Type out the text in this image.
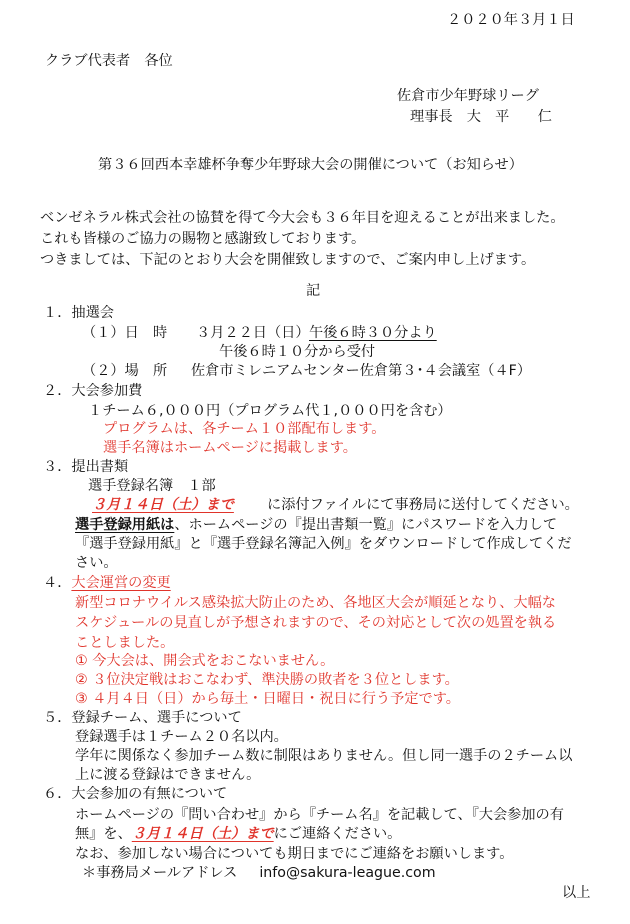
２０２０年３月１日
クラブ代表者　各位
佐倉市少年野球リーグ
理事長　大　平　　仁
第３６回西本幸雄杯争奪少年野球大会の開催について（お知らせ）
ベンゼネラル株式会社の協賛を得て今大会も３６年目を迎えることが出来ました。
これも皆様のご協力の賜物と感謝致しております。
つきましては、下記のとおり大会を開催致しますので、ご案内申し上げます。
記
１．抽選会
（１）日　時 ３月２２日（日） 午後６時３０分より
午後６時１０分から受付
（２）場　所 佐倉市ミレニアムセンター佐倉第３･４会議室（４F）
２．大会参加費
１チーム６,０００円（プログラム代１,０００円を含む）
プログラムは、各チーム１０部配布します。
選手名簿はホームページに掲載します。
３．提出書類
選手登録名簿　１部
３月１４日（土）まで に添付ファイルにて事務局に送付してください。
選手登録用紙は、ホームページの『提出書類一覧』にパスワードを入力して
『選手登録用紙』と『選手登録名簿記入例』をダウンロードして作成してくだ
さい。
４．大会運営の変更
新型コロナウイルス感染拡大防止のため、各地区大会が順延となり、大幅な
スケジュールの見直しが予想されますので、その対応として次の処置を執る
ことしました。
① 今大会は、開会式をおこないません。
② ３位決定戦はおこなわず、準決勝の敗者を３位とします。
③ ４月４日（日）から毎土・日曜日・祝日に行う予定です。
５．登録チーム、選手について
登録選手は１チーム２０名以内。
学年に関係なく参加チーム数に制限はありません。但し同一選手の２チーム以
上に渡る登録はできません。
６．大会参加の有無について
ホームページの『問い合わせ』から『チーム名』を記載して、『大会参加の有
無』を、３月１４日（土）までにご連絡ください。
なお、参加しない場合についても期日までにご連絡をお願いします。
＊事務局メールアドレス info@sakura-league.com
以上
